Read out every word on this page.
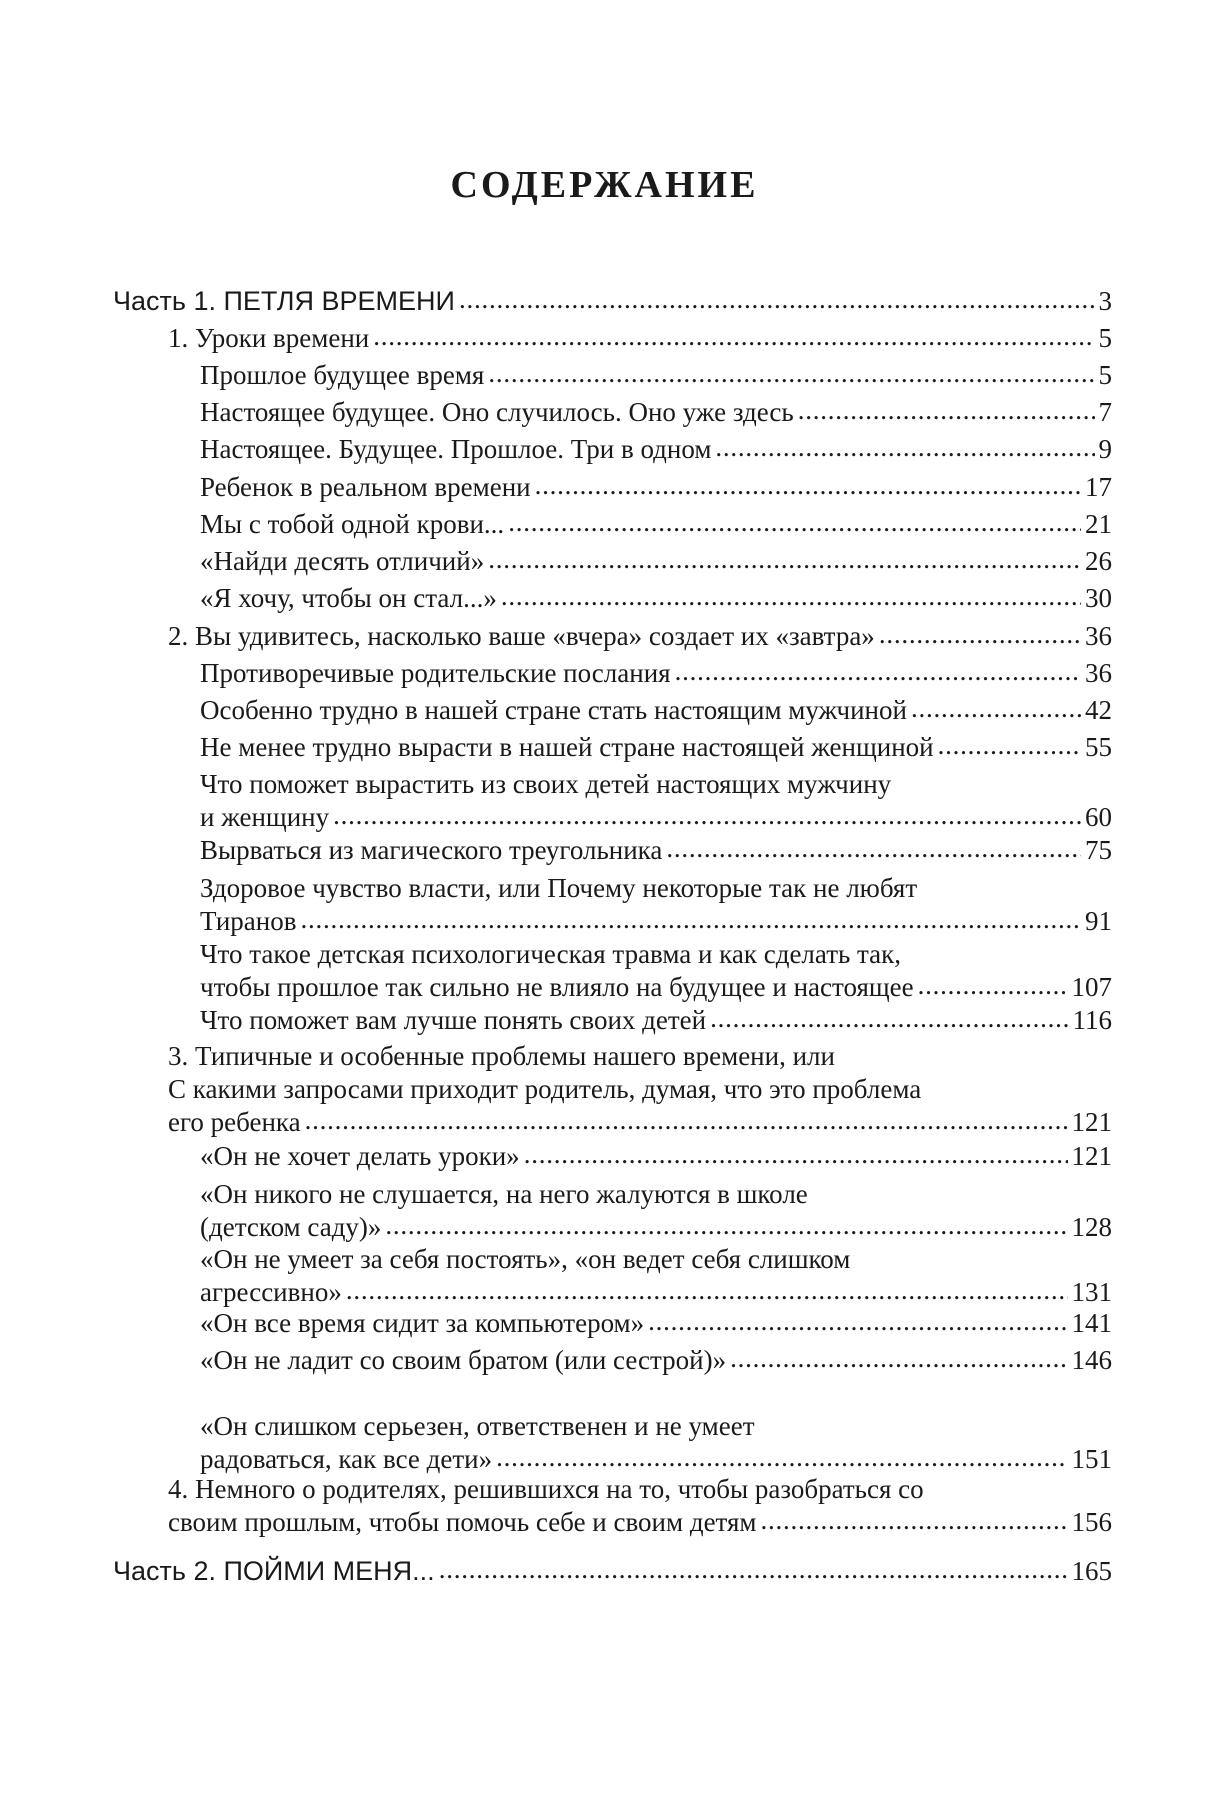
СОДЕРЖАНИЕ
Часть 1. ПЕТЛЯ ВРЕМЕНИ . . .	3
1. Уроки времени . . .	5
Прошлое будущее время . . .	5
Настоящее будущее. Оно случилось. Оно уже здесь . . .	7
Настоящее. Будущее. Прошлое. Три в одном . . .	9
Ребенок в реальном времени . . .	17
Мы с тобой одной крови... . . .	21
«Найди десять отличий» . . .	26
«Я хочу, чтобы он стал...» . . .	30
2. Вы удивитесь, насколько ваше «вчера» создает их «завтра» . . .	36
Противоречивые родительские послания . . .	36
Особенно трудно в нашей стране стать настоящим мужчиной . . .	42
Не менее трудно вырасти в нашей стране настоящей женщиной . . .	55
Что поможет вырастить из своих детей настоящих мужчину
и женщину . . .	60
Вырваться из магического треугольника . . .	75
Здоровое чувство власти, или Почему некоторые так не любят
Тиранов . . .	91
Что такое детская психологическая травма и как сделать так,
чтобы прошлое так сильно не влияло на будущее и настоящее . . .	107
Что поможет вам лучше понять своих детей . . .	116
3. Типичные и особенные проблемы нашего времени, или
С какими запросами приходит родитель, думая, что это проблема
его ребенка . . .	121
«Он не хочет делать уроки» . . .	121
«Он никого не слушается, на него жалуются в школе
(детском саду)» . . .	128
«Он не умеет за себя постоять», «он ведет себя слишком
агрессивно» . . .	131
«Он все время сидит за компьютером» . . .	141
«Он не ладит со своим братом (или сестрой)» . . .	146
«Он слишком серьезен, ответственен и не умеет
радоваться, как все дети» . . .	151
4. Немного о родителях, решившихся на то, чтобы разобраться со
своим прошлым, чтобы помочь себе и своим детям . . .	156
Часть 2. ПОЙМИ МЕНЯ... . . .	165
